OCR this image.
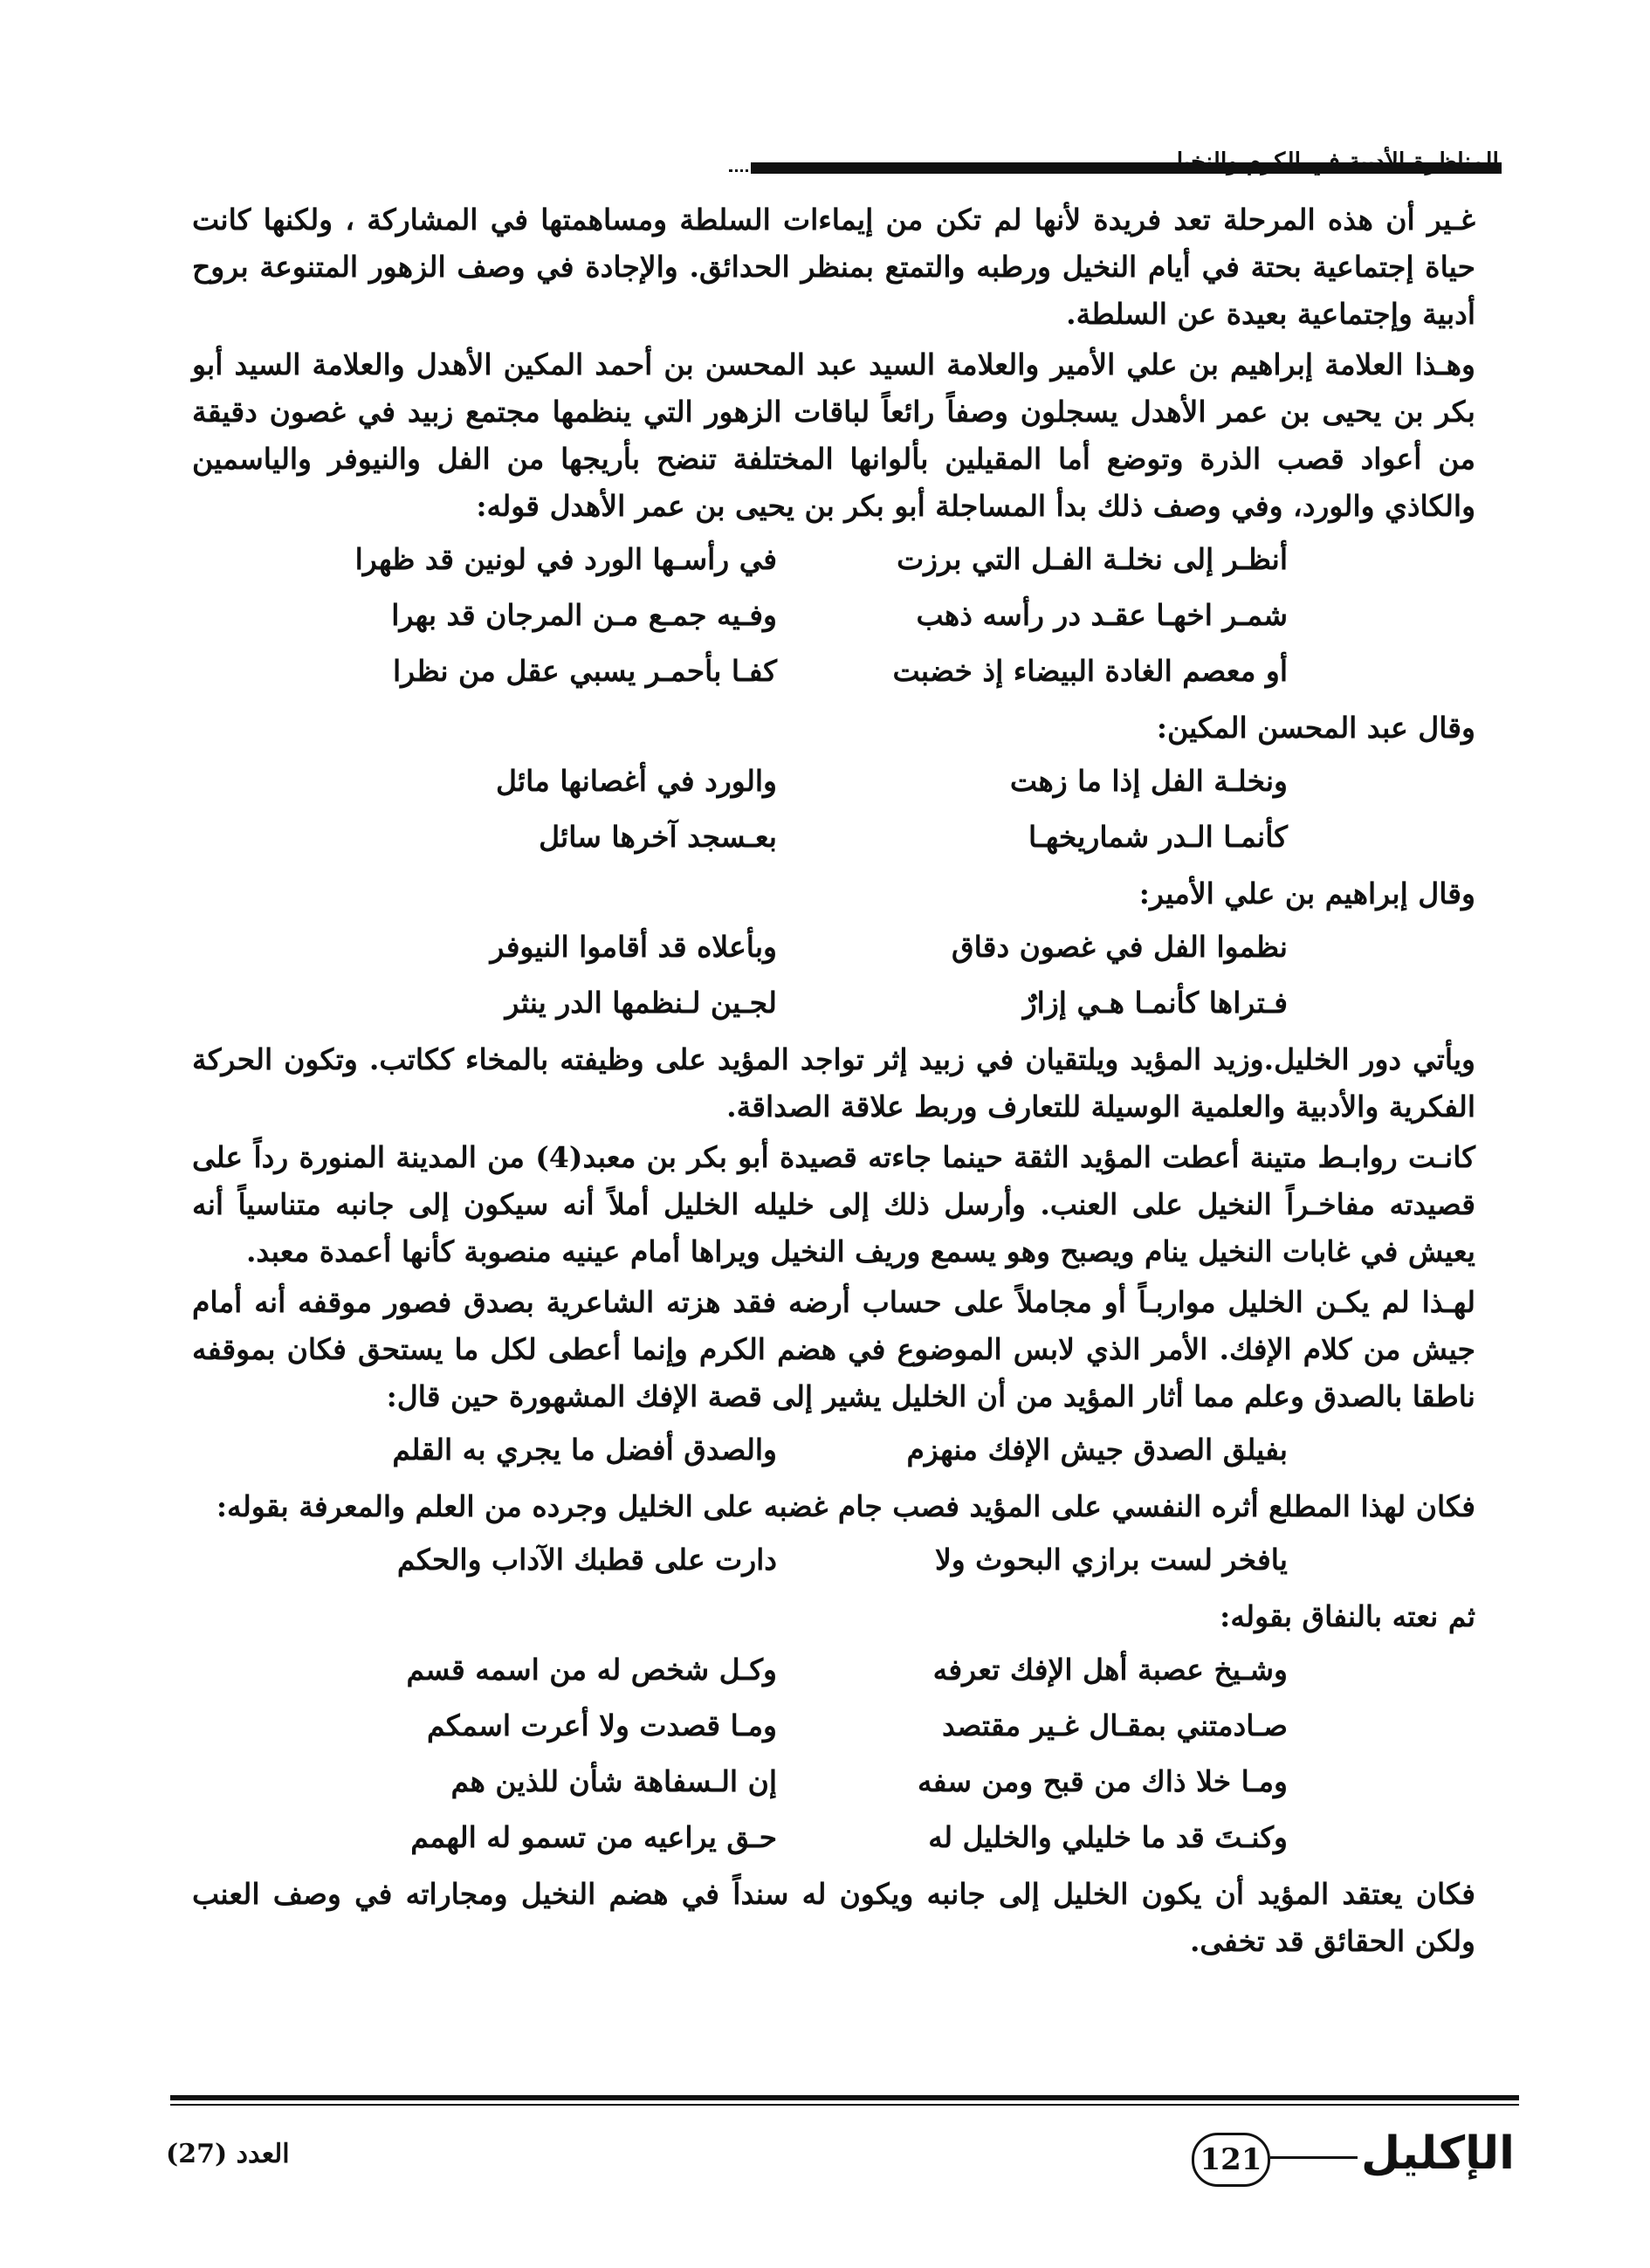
غـير أن هذه المرحلة تعد فريدة لأنها لم تكن من إيماءات السلطة ومساهمتها في المشاركة ، ولكنها كانت حياة إجتماعية بحتة في أيام النخيل ورطبه والتمتع بمنظر الحدائق. والإجادة في وصف الزهور المتنوعة بروح أدبية وإجتماعية بعيدة عن السلطة.

وهـذا العلامة إبراهيم بن علي الأمير والعلامة السيد عبد المحسن بن أحمد المكين الأهدل والعلامة السيد أبو بكر بن يحيى بن عمر الأهدل يسجلون وصفاً رائعاً لباقات الزهور التي ينظمها مجتمع زبيد في غصون دقيقة من أعواد قصب الذرة وتوضع أما المقيلين بألوانها المختلفة تنضح بأريجها من الفل والنيوفر والياسمين والكاذي والورد، وفي وصف ذلك بدأ المساجلة أبو بكر بن يحيى بن عمر الأهدل قوله:

أنظـر إلى نخلـة الفـل التي برزت
في رأسـها الورد في لونين قد ظهرا
شمـر اخهـا عقـد در رأسه ذهب
وفـيه جمـع مـن المرجان قد بهرا
أو معصم الغادة البيضاء إذ خضبت
كفـا بأحمـر يسبي عقل من نظرا

وقال عبد المحسن المكين:

ونخلـة الفل إذا ما زهت
والورد في أغصانها مائل
كأنمـا الـدر شماريخهـا
بعـسجد آخرها سائل

وقال إبراهيم بن علي الأمير:

نظموا الفل في غصون دقاق
وبأعلاه قد أقاموا النيوفر
فـتراها كأنمـا هـي إزارٌ
لجـين لـنظمها الدر ينثر

ويأتي دور الخليل.وزيد المؤيد ويلتقيان في زبيد إثر تواجد المؤيد على وظيفته بالمخاء ككاتب. وتكون الحركة الفكرية والأدبية والعلمية الوسيلة للتعارف وربط علاقة الصداقة.

كانـت روابـط متينة أعطت المؤيد الثقة حينما جاءته قصيدة أبو بكر بن معبد(4) من المدينة المنورة رداً على قصيدته مفاخـراً النخيل على العنب. وأرسل ذلك إلى خليله الخليل أملاً أنه سيكون إلى جانبه متناسياً أنه يعيش في غابات النخيل ينام ويصبح وهو يسمع وريف النخيل ويراها أمام عينيه منصوبة كأنها أعمدة معبد.

لهـذا لم يكـن الخليل مواربـاً أو مجاملاً على حساب أرضه فقد هزته الشاعرية بصدق فصور موقفه أنه أمام جيش من كلام الإفك. الأمر الذي لابس الموضوع في هضم الكرم وإنما أعطى لكل ما يستحق فكان بموقفه ناطقا بالصدق وعلم مما أثار المؤيد من أن الخليل يشير إلى قصة الإفك المشهورة حين قال:

بفيلق الصدق جيش الإفك منهزم
والصدق أفضل ما يجري به القلم

فكان لهذا المطلع أثره النفسي على المؤيد فصب جام غضبه على الخليل وجرده من العلم والمعرفة بقوله:

يافخر لست برازي البحوث ولا
دارت على قطبك الآداب والحكم

ثم نعته بالنفاق بقوله:

وشـيخ عصبة أهل الإفك تعرفه
وكـل شخص له من اسمه قسم
صـادمتني بمقـال غـير مقتصد
ومـا قصدت ولا أعرت اسمكم
ومـا خلا ذاك من قبح ومن سفه
إن الـسفاهة شأن للذين هم
وكنـتَ قد ما خليلي والخليل له
حـق يراعيه من تسمو له الهمم

فكان يعتقد المؤيد أن يكون الخليل إلى جانبه ويكون له سنداً في هضم النخيل ومجاراته في وصف العنب ولكن الحقائق قد تخفى.

الإكليل
121
العدد (27)
